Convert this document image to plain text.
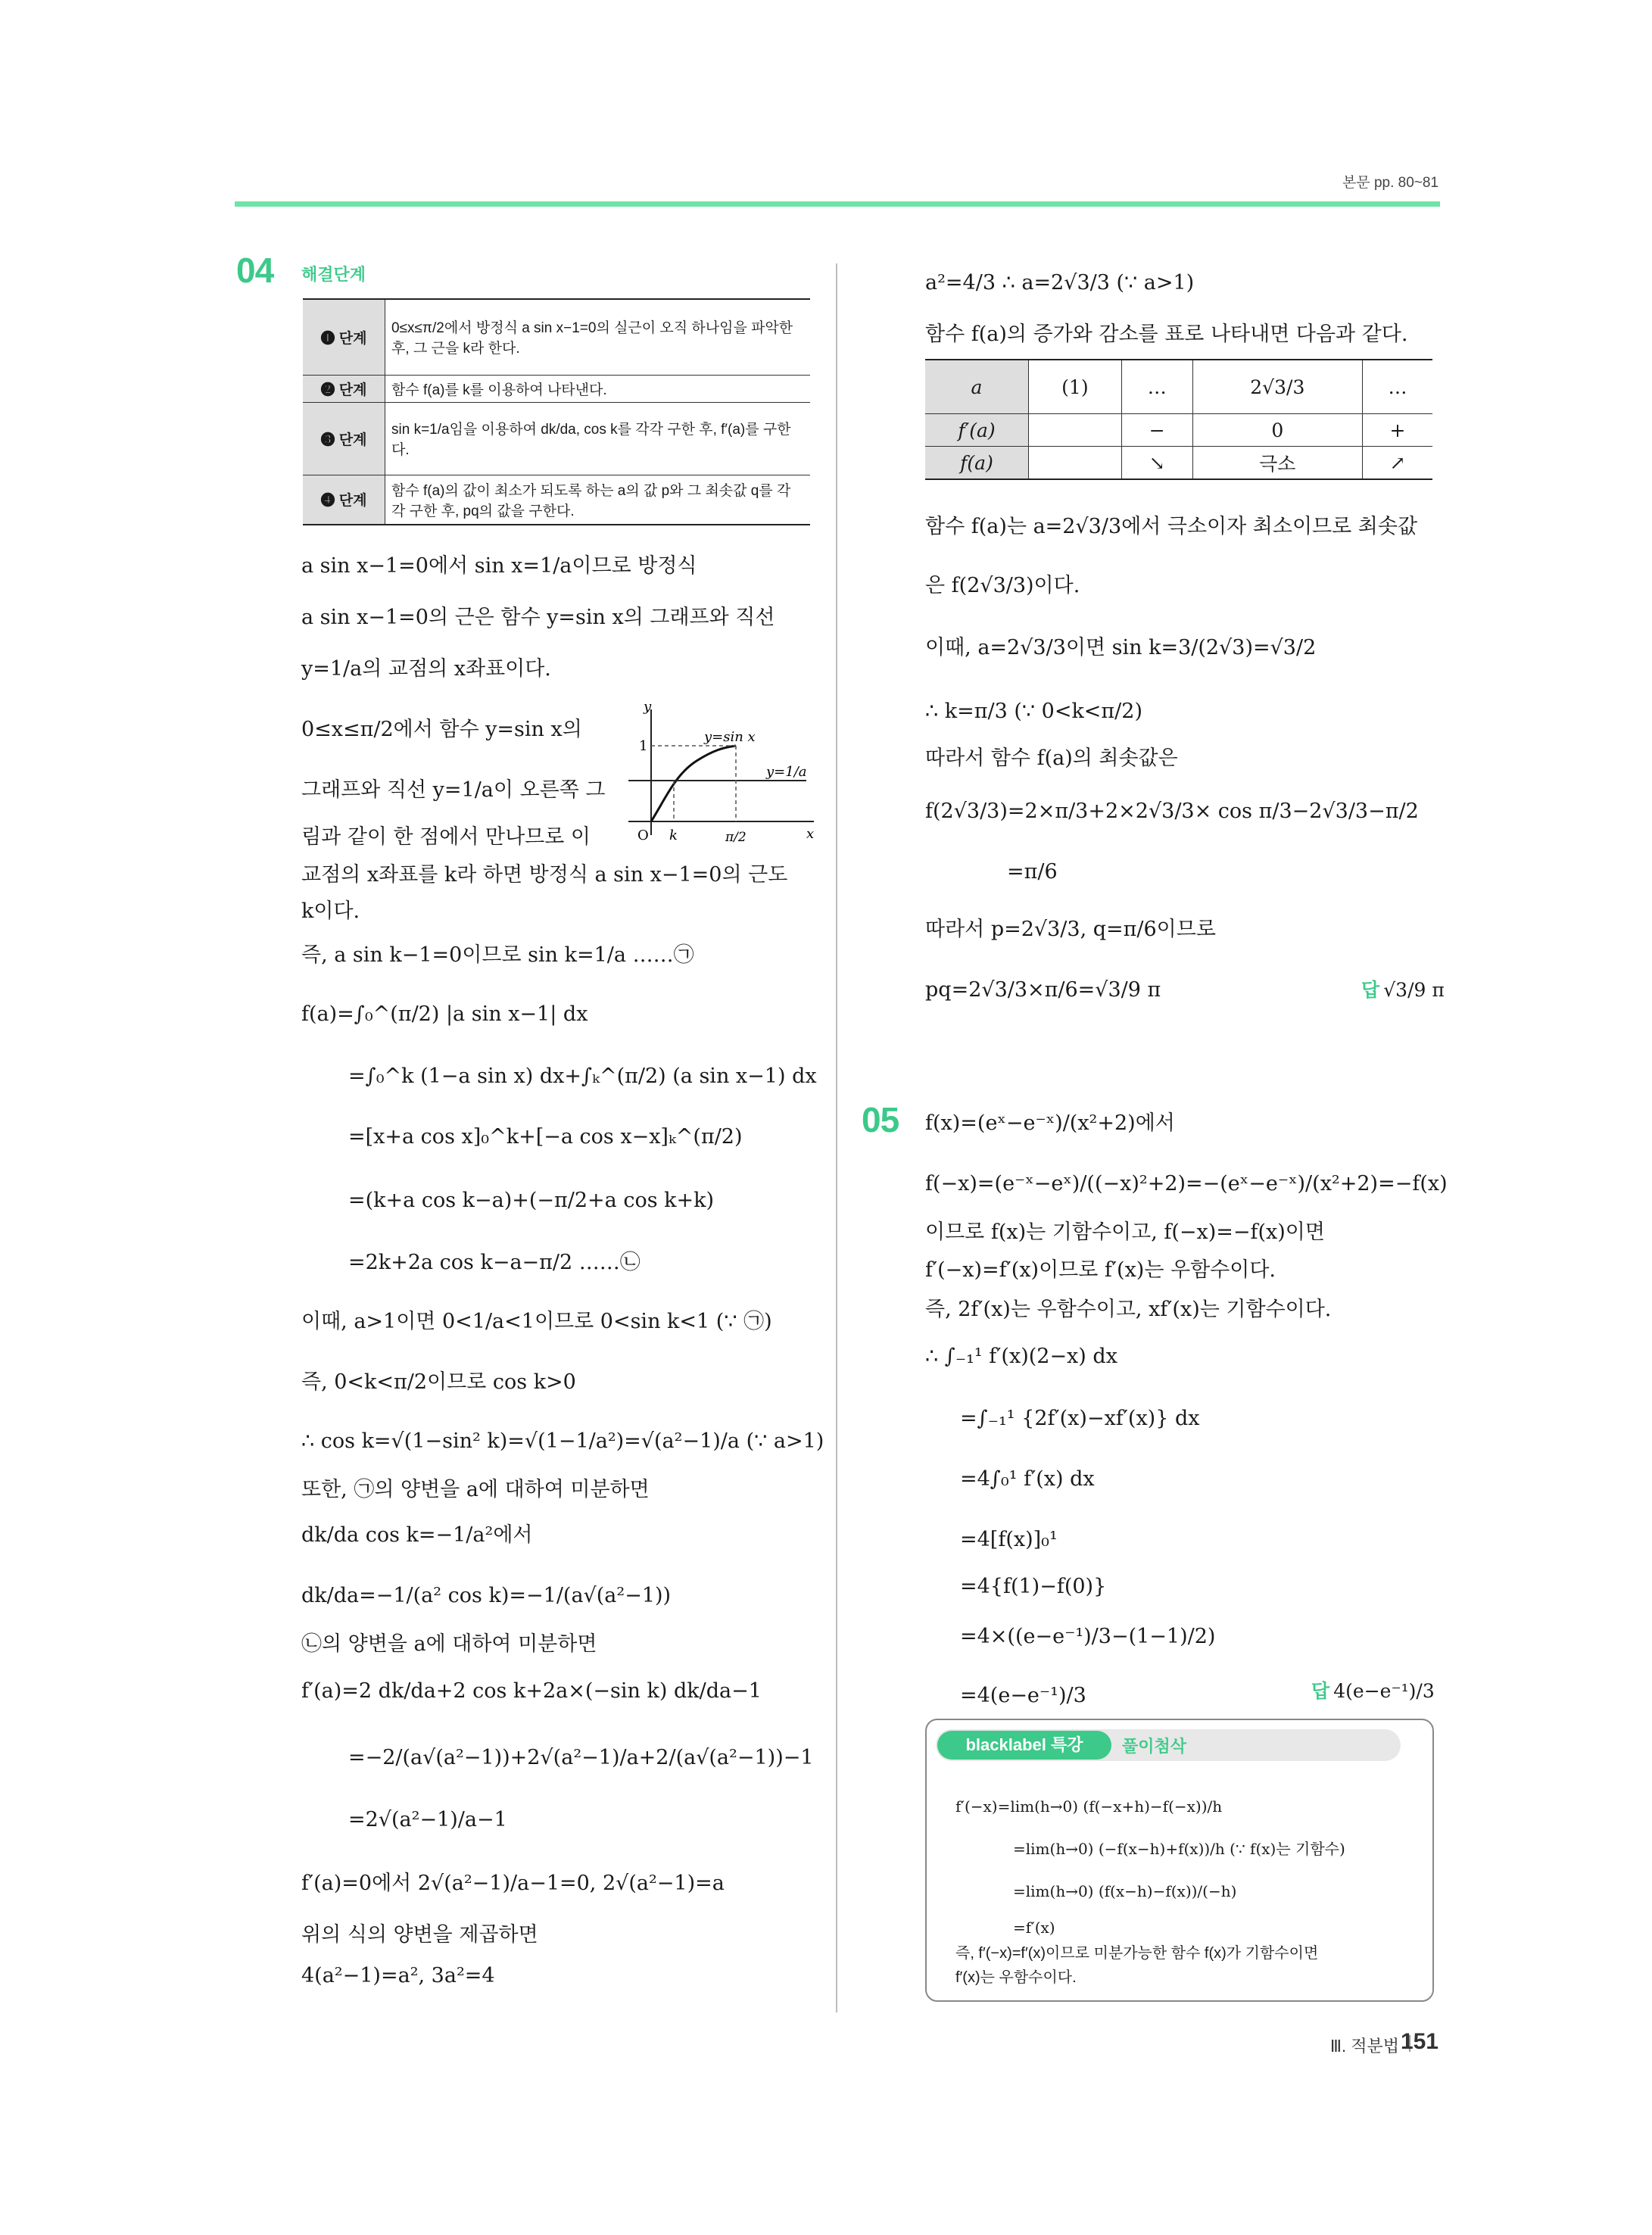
본문 pp. 80~81
04 해결단계
❶ 단계	0≤x≤π/2에서 방정식 a sin x−1=0의 실근이 오직 하나임을 파악한 후, 그 근을 k라 한다.
❷ 단계	함수 f(a)를 k를 이용하여 나타낸다.
❸ 단계	sin k=1/a임을 이용하여 dk/da, cos k를 각각 구한 후, f′(a)를 구한다.
❹ 단계	함수 f(a)의 값이 최소가 되도록 하는 a의 값 p와 그 최솟값 q를 각각 구한 후, pq의 값을 구한다.
a sin x−1=0에서 sin x=1/a이므로 방정식
a sin x−1=0의 근은 함수 y=sin x의 그래프와 직선
y=1/a의 교점의 x좌표이다.
0≤x≤π/2에서 함수 y=sin x의
그래프와 직선 y=1/a이 오른쪽 그
림과 같이 한 점에서 만나므로 이
교점의 x좌표를 k라 하면 방정식 a sin x−1=0의 근도
k이다.
즉, a sin k−1=0이므로 sin k=1/a ……㉠
f(a)=∫₀^(π/2) |a sin x−1| dx
=∫₀^k (1−a sin x) dx+∫ₖ^(π/2) (a sin x−1) dx
=[x+a cos x]₀^k+[−a cos x−x]ₖ^(π/2)
=(k+a cos k−a)+(−π/2+a cos k+k)
=2k+2a cos k−a−π/2 ……㉡
이때, a>1이면 0<1/a<1이므로 0<sin k<1 (∵ ㉠)
즉, 0<k<π/2이므로 cos k>0
∴ cos k=√(1−sin² k)=√(1−1/a²)=√(a²−1)/a (∵ a>1)
또한, ㉠의 양변을 a에 대하여 미분하면
dk/da cos k=−1/a²에서
dk/da=−1/(a² cos k)=−1/(a√(a²−1))
㉡의 양변을 a에 대하여 미분하면
f′(a)=2 dk/da+2 cos k+2a×(−sin k) dk/da−1
=−2/(a√(a²−1))+2√(a²−1)/a+2/(a√(a²−1))−1
=2√(a²−1)/a−1
f′(a)=0에서 2√(a²−1)/a−1=0, 2√(a²−1)=a
위의 식의 양변을 제곱하면
4(a²−1)=a², 3a²=4
y
x
O
1
y=sin x
y=1/a
k	π/2
a²=4/3 ∴ a=2√3/3 (∵ a>1)
함수 f(a)의 증가와 감소를 표로 나타내면 다음과 같다.
a	(1)	…	2√3/3	…
f′(a)		−	0	+
f(a)		↘	극소	↗
함수 f(a)는 a=2√3/3에서 극소이자 최소이므로 최솟값
은 f(2√3/3)이다.
이때, a=2√3/3이면 sin k=3/(2√3)=√3/2
∴ k=π/3 (∵ 0<k<π/2)
따라서 함수 f(a)의 최솟값은
f(2√3/3)=2×π/3+2×2√3/3× cos π/3−2√3/3−π/2
=π/6
따라서 p=2√3/3, q=π/6이므로
pq=2√3/3×π/6=√3/9 π	답 √3/9 π
05 f(x)=(eˣ−e⁻ˣ)/(x²+2)에서
f(−x)=(e⁻ˣ−eˣ)/((−x)²+2)=−(eˣ−e⁻ˣ)/(x²+2)=−f(x)
이므로 f(x)는 기함수이고, f(−x)=−f(x)이면
f′(−x)=f′(x)이므로 f′(x)는 우함수이다.
즉, 2f′(x)는 우함수이고, xf′(x)는 기함수이다.
∴ ∫₋₁¹ f′(x)(2−x) dx
=∫₋₁¹ {2f′(x)−xf′(x)} dx
=4∫₀¹ f′(x) dx
=4[f(x)]₀¹
=4{f(1)−f(0)}
=4×((e−e⁻¹)/3−(1−1)/2)
=4(e−e⁻¹)/3	답 4(e−e⁻¹)/3
blacklabel 특강	풀이첨삭
f′(−x)=lim(h→0) (f(−x+h)−f(−x))/h
=lim(h→0) (−f(x−h)+f(x))/h (∵ f(x)는 기함수)
=lim(h→0) (f(x−h)−f(x))/(−h)
=f′(x)
즉, f′(−x)=f′(x)이므로 미분가능한 함수 f(x)가 기함수이면
f′(x)는 우함수이다.
Ⅲ. 적분법 151
